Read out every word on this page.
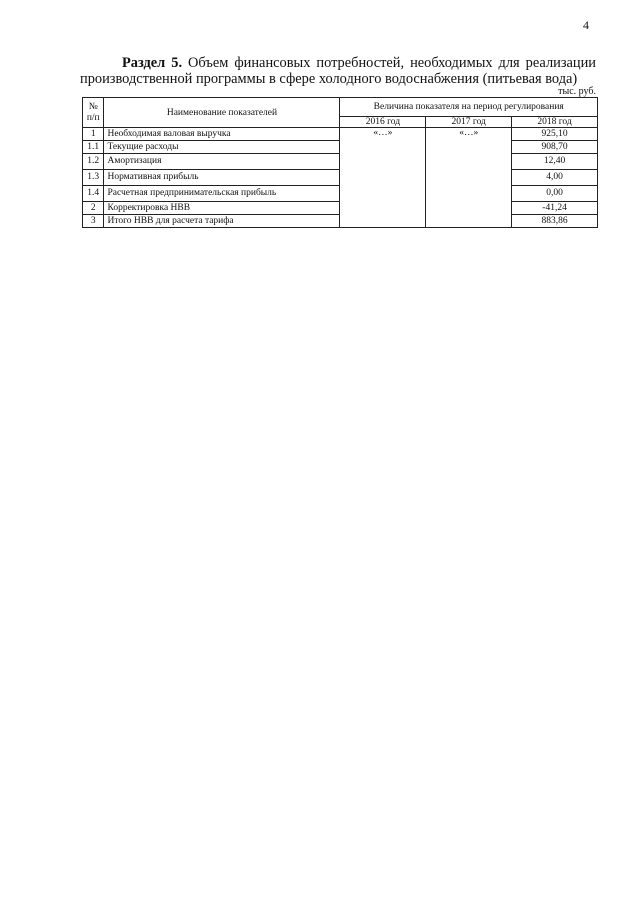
4
Раздел 5. Объем финансовых потребностей, необходимых для реализации производственной программы в сфере холодного водоснабжения (питьевая вода)
тыс. руб.
№ п/п	Наименование показателей	Величина показателя на период регулирования		
		2016 год	2017 год	2018 год
1	Необходимая валовая выручка	«…»	«…»	925,10
1.1	Текущие расходы			908,70
1.2	Амортизация			12,40
1.3	Нормативная прибыль			4,00
1.4	Расчетная предпринимательская прибыль			0,00
2	Корректировка НВВ			-41,24
3	Итого НВВ для расчета тарифа			883,86
